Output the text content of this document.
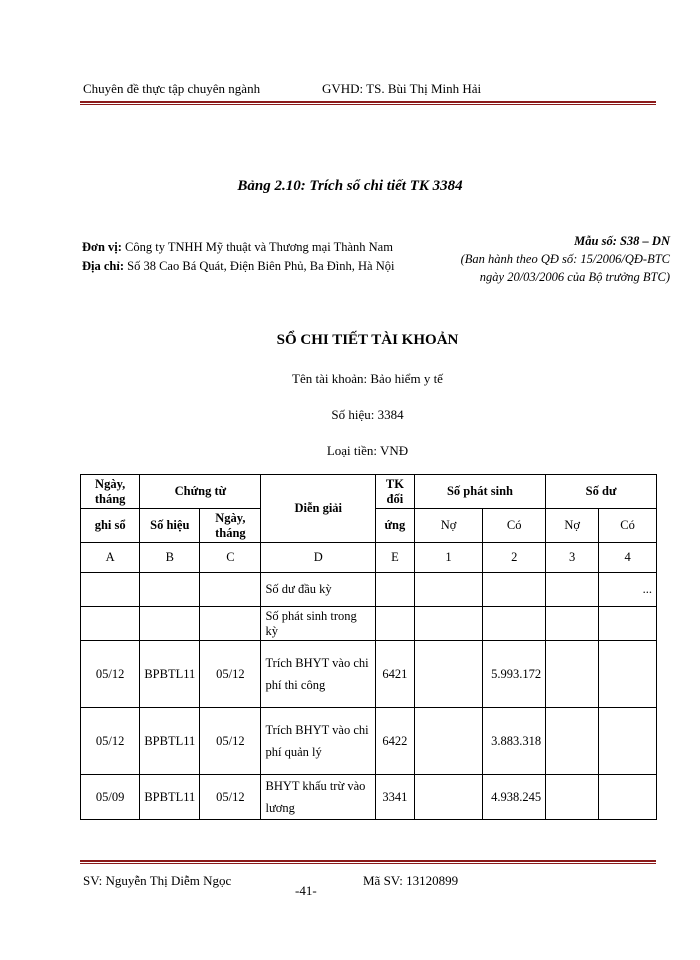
Chuyên đề thực tập chuyên ngành	GVHD: TS. Bùi Thị Minh Hải
Bảng 2.10: Trích sổ chi tiết TK 3384
Đơn vị: Công ty TNHH Mỹ thuật và Thương mại Thành Nam
Địa chỉ: Số 38 Cao Bá Quát, Điện Biên Phủ, Ba Đình, Hà Nội
Mẫu số: S38 – DN
(Ban hành theo QĐ số: 15/2006/QĐ-BTC
ngày 20/03/2006 của Bộ trưởng BTC)
SỔ CHI TIẾT TÀI KHOẢN
Tên tài khoản: Bảo hiểm y tế
Số hiệu: 3384
Loại tiền: VNĐ
Ngày, tháng	Chứng từ		Diễn giải	TK đối	Số phát sinh		Số dư	
ghi sổ	Số hiệu	Ngày, tháng		ứng	Nợ	Có	Nợ	Có
A	B	C	D	E	1	2	3	4
			Số dư đầu kỳ					...
			Số phát sinh trong kỳ					
05/12	BPBTL11	05/12	Trích BHYT vào chi phí thi công	6421		5.993.172		
05/12	BPBTL11	05/12	Trích BHYT vào chi phí quản lý	6422		3.883.318		
05/09	BPBTL11	05/12	BHYT khấu trừ vào lương	3341		4.938.245		
SV: Nguyễn Thị Diễm Ngọc	Mã SV: 13120899
-41-
